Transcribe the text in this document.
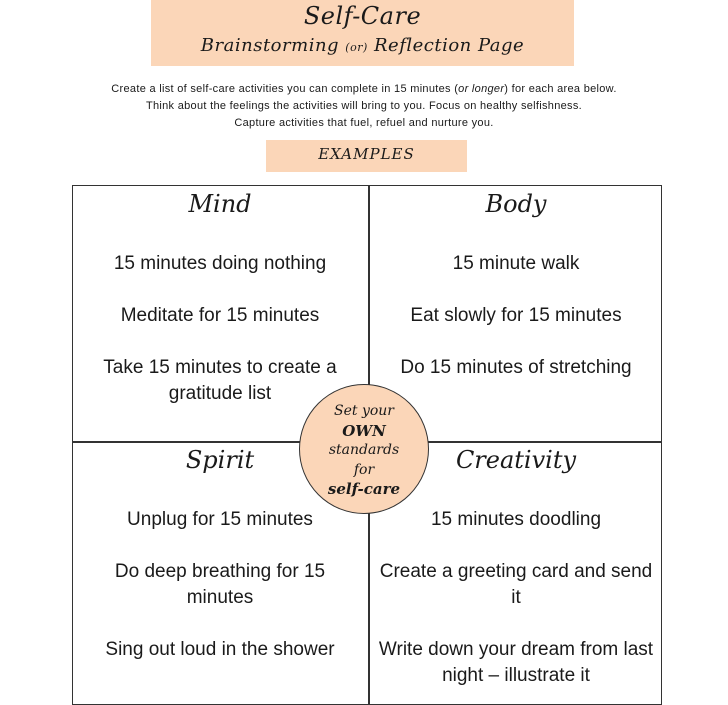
Self-Care
Brainstorming (or) Reflection Page
Create a list of self-care activities you can complete in 15 minutes (or longer) for each area below.
Think about the feelings the activities will bring to you. Focus on healthy selfishness.
Capture activities that fuel, refuel and nurture you.
EXAMPLES
Mind
15 minutes doing nothing
Meditate for 15 minutes
Take 15 minutes to create a gratitude list
Body
15 minute walk
Eat slowly for 15 minutes
Do 15 minutes of stretching
Spirit
Unplug for 15 minutes
Do deep breathing for 15 minutes
Sing out loud in the shower
Creativity
15 minutes doodling
Create a greeting card and send it
Write down your dream from last night – illustrate it
Set your
OWN
standards
for
self-care
